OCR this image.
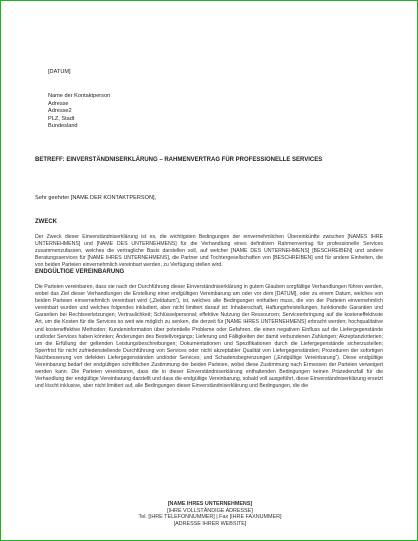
[DATUM]
Name der Kontaktperson
Adresse
Adresse2
PLZ, Stadt
Bundesland
BETREFF: EINVERSTÄNDNISERKLÄRUNG – RAHMENVERTRAG FÜR PROFESSIONELLE SERVICES
Sehr geehrter [NAME DER KONTAKTPERSON],
ZWECK
Der Zweck dieser Einverständniserklärung ist es, die wichtigsten Bedingungen der einvernehmlichen Übereinkünfte zwischen [NAMES IHRE UNTERNEHMENS] und [NAME DES UNTERNEHMENS] für die Verhandlung eines definitiven Rahmenvertrag für professionelle Services zusammenzufassen, welches die vertragliche Basis darstellen soll, auf welcher [NAME DES UNTERNEHMENS] [BESCHREIBEN] und andere Beratungsservices für [NAME IHRES UNTERNEHMENS], die Partner und Tochtergesellschaften von [BESCHREIBEN] und für andere Einheiten, die von beiden Parteien einvernehmlich vereinbart werden, zu Verfügung stellen wird.
ENDGÜLTIGE VEREINBARUNG
Die Parteien vereinbaren, dass sie nach der Durchführung dieser Einverständniserklärung in gutem Glauben sorgfältige Verhandlungen führen werden, wobei das Ziel dieser Verhandlungen die Erstellung einer endgültigen Vereinbarung am oder vor dem [DATUM], oder zu einem Datum, welches von beiden Parteien einvernehmlich vereinbart wird („Zieldatum“), ist, welches alle Bedingungen enthalten muss, die von der Parteien einvernehmlich vereinbart wurden und welches folgendes inkludiert, aber nicht limitiert darauf ist: Inhaberschaft, Haftungsfreistellungen, funktionelle Garantien und Garantien bei Rechtsverletzungen; Vertraulichkeit; Schlüsselpersonal; effektive Nutzung der Ressourcen; Serviceerbringung auf die kosteneffektivste Art, um die Kosten für die Services so weit wie möglich zu senken, die derzeit für [NAME IHRES UNTERNEHMENS] erbracht werden; hochqualitative und kosteneffektive Methoden; Kundeninformation über potentielle Probleme oder Gefahren, die einen negativen Einfluss auf die Liefergegenstände und/oder Services haben könnten; Änderungen des Bestellvorgangs; Lieferung und Fälligkeiten der damit verbundenen Zahlungen; Akzeptanzkriterien; um die Erfüllung der geltenden Leistungsbeschreibungen; Dokumentationen und Spezifikationen durch die Liefergegenstände sicherzustellen; Sperrfrist für nicht zufriedenstellende Durchführung von Services oder nicht akzeptabler Qualität von Liefergegenständen; Prozeduren der sofortigen Nachbesserung von defekten Liefergegenständen und/oder Services; und Schadensbegrenzungen („Endgültige Vereinbarung“). Diese endgültige Vereinbarung bedarf der endgültigen schriftlichen Zustimmung der beiden Parteien, wobei diese Zustimmung nach Ermessen der Parteien verweigert werden kann. Die Parteien vereinbaren, dass die in dieser Einverständniserklärung enthaltenden Bedingungen keinen Präzedenzfall für die Verhandlung der endgültige Vereinbarung darstellt und dass die endgültige Vereinbarung, sobald voll ausgeführt, diese Einverständniserklärung ersetzt und löscht inklusive, aber nicht limitiert auf, alle Bedingungen dieser Einverständniserklärung und Bedingungen, die die
[NAME IHRES UNTERNEHMENS]
[IHRE VOLLSTÄNDIGE ADRESSE]
Tel. [IHRE TELEFONNUMMER] | Fax [IHRE FAXNUMMER]
[ADRESSE IHRER WEBSITE]
